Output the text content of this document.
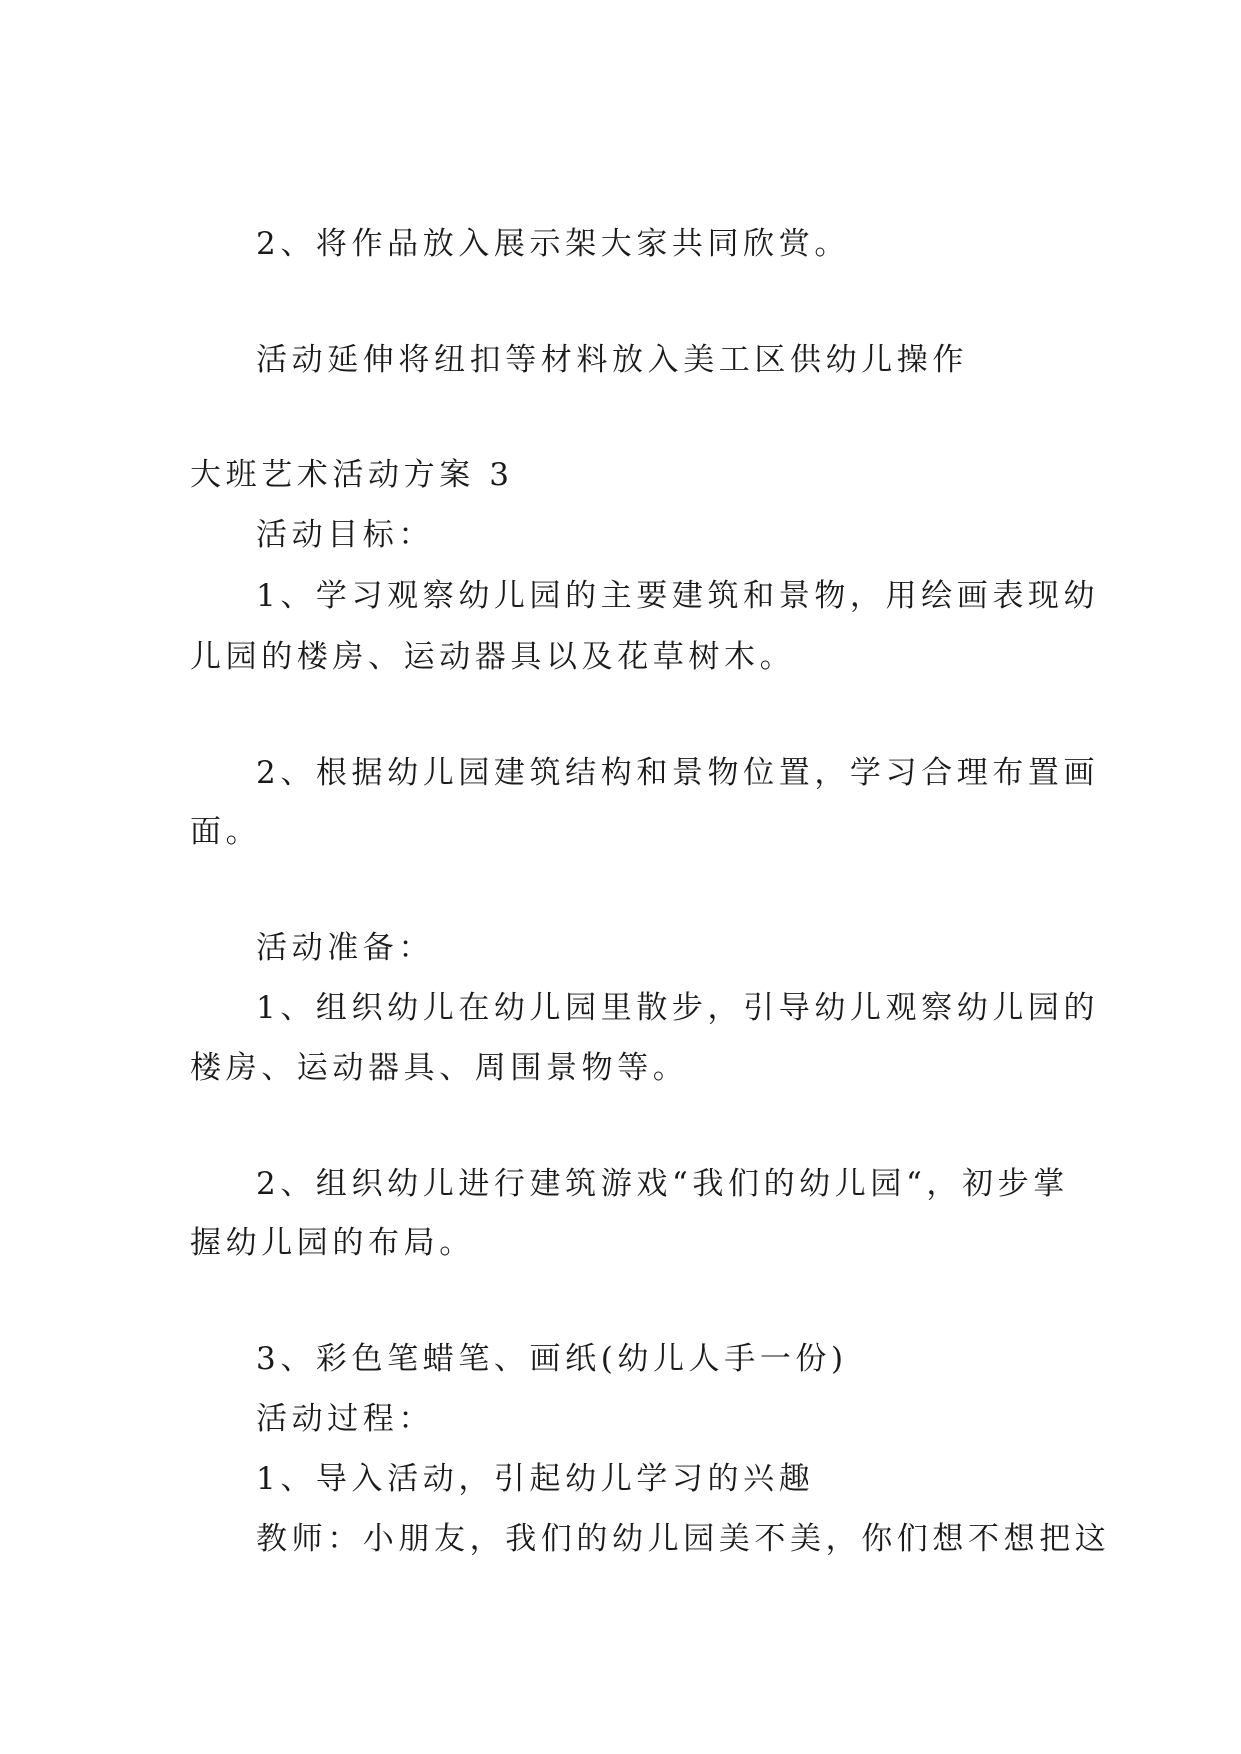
2、将作品放入展示架大家共同欣赏。
活动延伸将纽扣等材料放入美工区供幼儿操作
大班艺术活动方案 3
活动目标：
1、学习观察幼儿园的主要建筑和景物，用绘画表现幼
儿园的楼房、运动器具以及花草树木。
2、根据幼儿园建筑结构和景物位置，学习合理布置画
面。
活动准备：
1、组织幼儿在幼儿园里散步，引导幼儿观察幼儿园的
楼房、运动器具、周围景物等。
2、组织幼儿进行建筑游戏“我们的幼儿园“，初步掌
握幼儿园的布局。
3、彩色笔蜡笔、画纸(幼儿人手一份)
活动过程：
1、导入活动，引起幼儿学习的兴趣
教师：小朋友，我们的幼儿园美不美，你们想不想把这
